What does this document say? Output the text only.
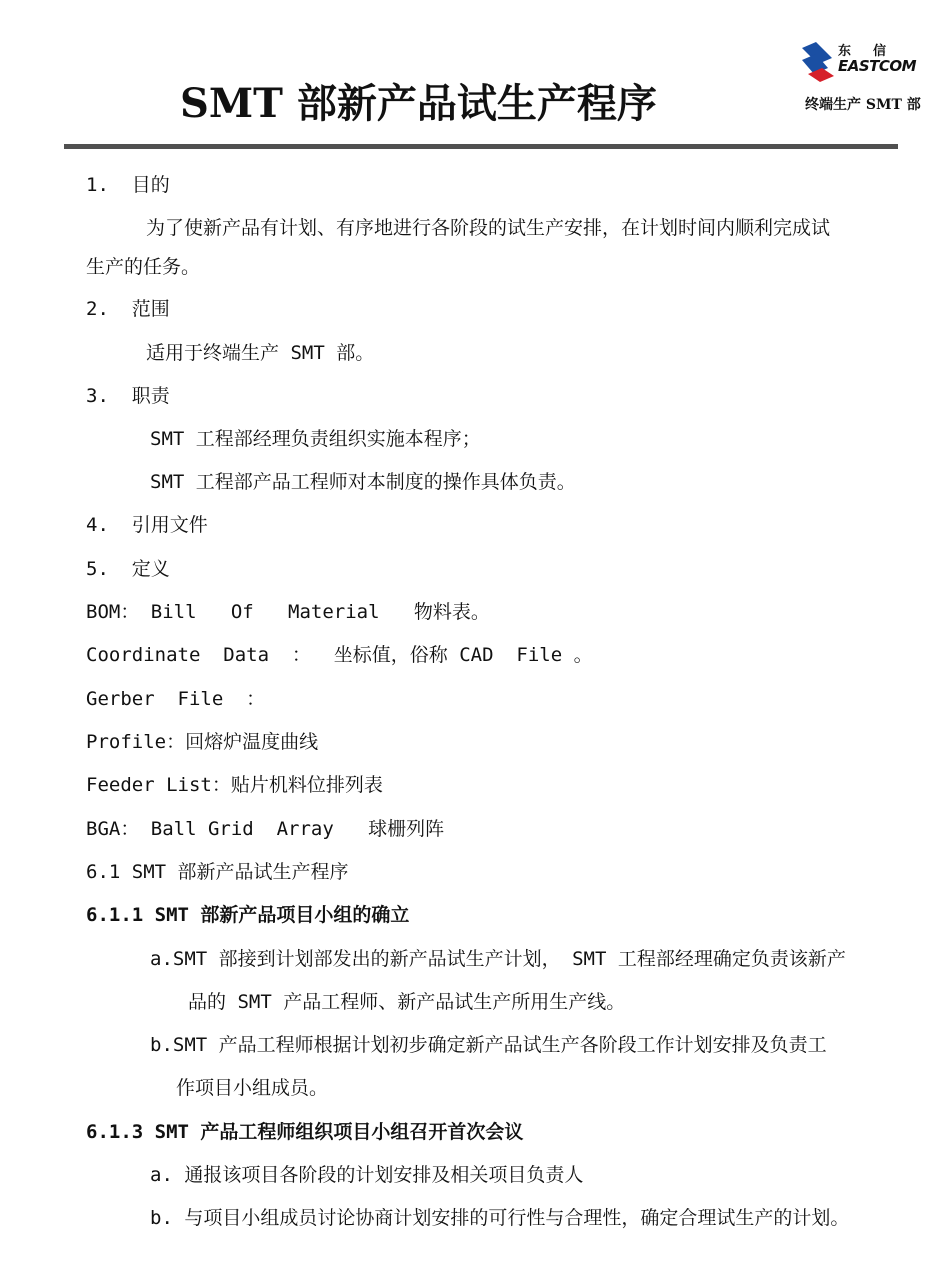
SMT 部新产品试生产程序
东信
EASTCOM
终端生产 SMT 部
1.  目的
为了使新产品有计划、有序地进行各阶段的试生产安排，在计划时间内顺利完成试
生产的任务。
2.  范围
适用于终端生产 SMT 部。
3.  职责
SMT 工程部经理负责组织实施本程序；
SMT 工程部产品工程师对本制度的操作具体负责。
4.  引用文件
5.  定义
BOM： Bill   Of   Material   物料表。
Coordinate  Data  ：  坐标值，俗称 CAD  File 。
Gerber  File  ：
Profile：回熔炉温度曲线
Feeder List：贴片机料位排列表
BGA： Ball Grid  Array   球栅列阵
6.1 SMT 部新产品试生产程序
6.1.1 SMT 部新产品项目小组的确立
a.SMT 部接到计划部发出的新产品试生产计划， SMT 工程部经理确定负责该新产
品的 SMT 产品工程师、新产品试生产所用生产线。
b.SMT 产品工程师根据计划初步确定新产品试生产各阶段工作计划安排及负责工
作项目小组成员。
6.1.3 SMT 产品工程师组织项目小组召开首次会议
a. 通报该项目各阶段的计划安排及相关项目负责人
b. 与项目小组成员讨论协商计划安排的可行性与合理性，确定合理试生产的计划。
